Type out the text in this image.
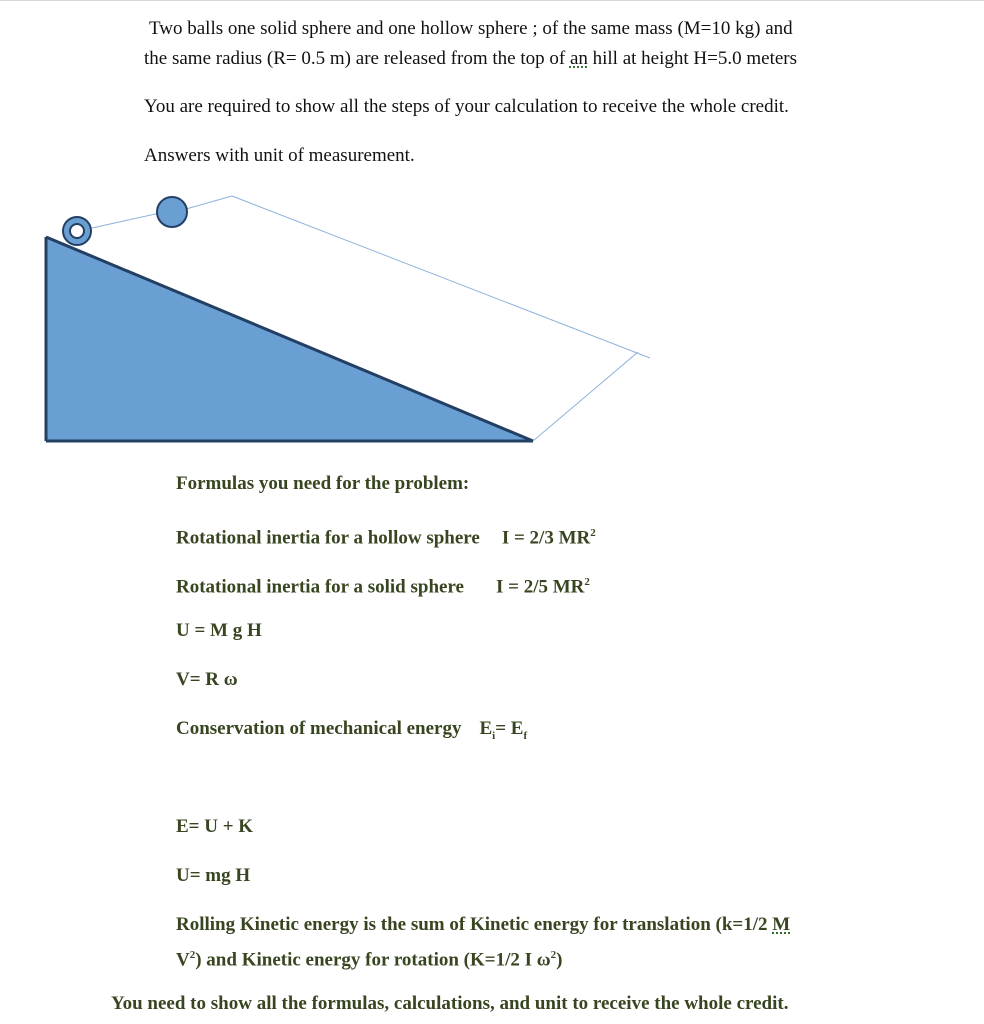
Two balls one solid sphere and one hollow sphere ; of the same mass (M=10 kg) and

the same radius (R= 0.5 m) are released from the top of an hill at height H=5.0 meters

You are required to show all the steps of your calculation to receive the whole credit.

Answers with unit of measurement.

Formulas you need for the problem:

Rotational inertia for a hollow sphere I = 2/3 $MR^2$

Rotational inertia for a solid sphere I = 2/5 $MR^2$

U = M g H

V= R ω

Conservation of mechanical energy $E_i= E_f$

E= U + K

U= mg H

Rolling Kinetic energy is the sum of Kinetic energy for translation (k=1/2 M
$V^2$) and Kinetic energy for rotation (K=1/2 I $\omega^2$)

You need to show all the formulas, calculations, and unit to receive the whole credit.
